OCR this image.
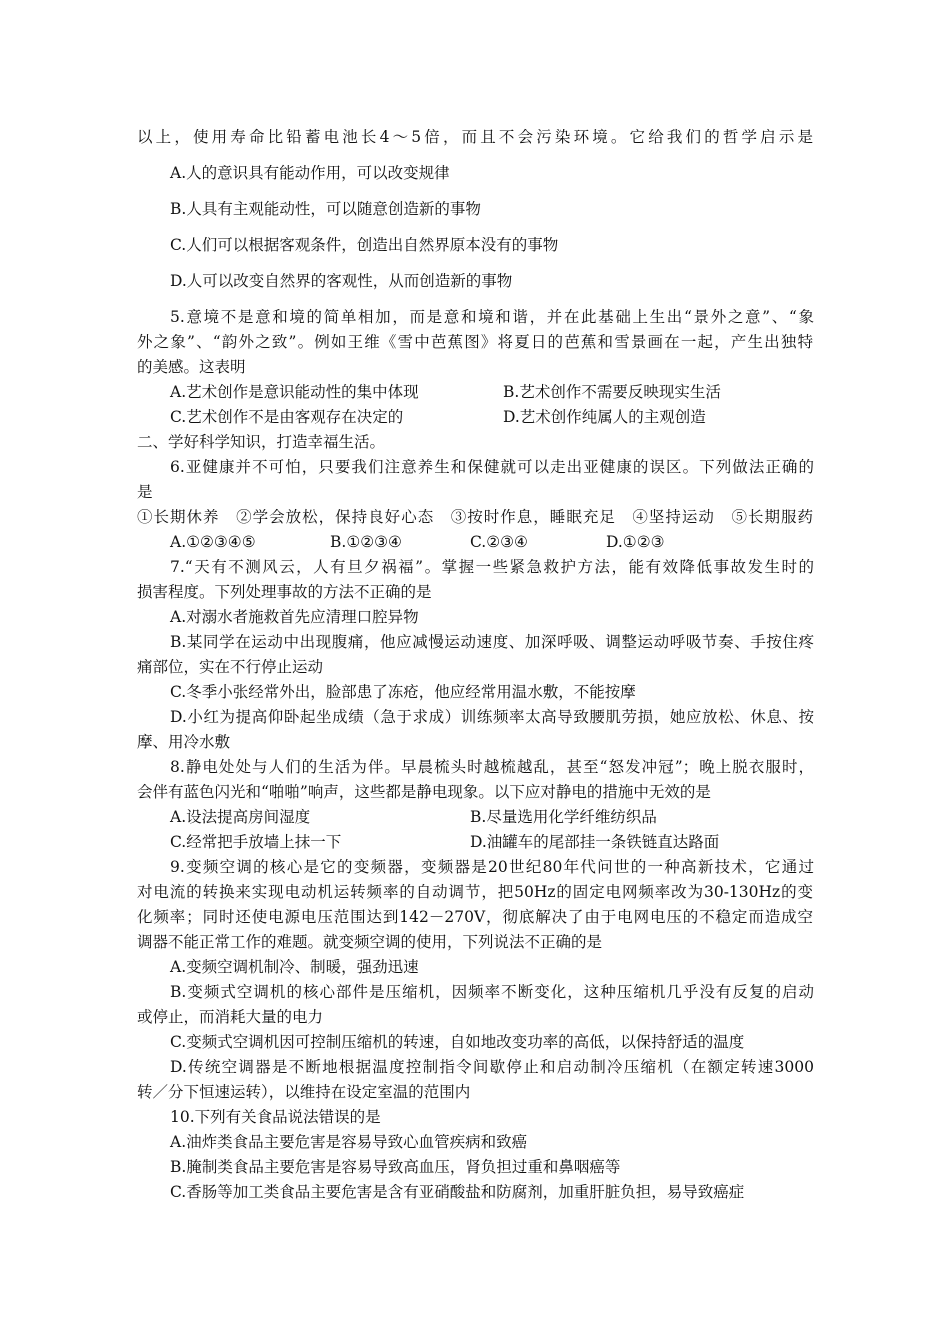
以上，使用寿命比铅蓄电池长4～5倍，而且不会污染环境。它给我们的哲学启示是
A.人的意识具有能动作用，可以改变规律
B.人具有主观能动性，可以随意创造新的事物
C.人们可以根据客观条件，创造出自然界原本没有的事物
D.人可以改变自然界的客观性，从而创造新的事物
5.意境不是意和境的简单相加，而是意和境和谐，并在此基础上生出“景外之意”、“象
外之象”、“韵外之致”。例如王维《雪中芭蕉图》将夏日的芭蕉和雪景画在一起，产生出独特
的美感。这表明
A.艺术创作是意识能动性的集中体现	B.艺术创作不需要反映现实生活
C.艺术创作不是由客观存在决定的	D.艺术创作纯属人的主观创造
二、学好科学知识，打造幸福生活。
6.亚健康并不可怕，只要我们注意养生和保健就可以走出亚健康的误区。下列做法正确的
是
①长期休养　②学会放松，保持良好心态　③按时作息，睡眠充足　④坚持运动　⑤长期服药
A.①②③④⑤	B.①②③④	C.②③④	D.①②③
7.“天有不测风云，人有旦夕祸福”。掌握一些紧急救护方法，能有效降低事故发生时的
损害程度。下列处理事故的方法不正确的是
A.对溺水者施救首先应清理口腔异物
B.某同学在运动中出现腹痛，他应减慢运动速度、加深呼吸、调整运动呼吸节奏、手按住疼
痛部位，实在不行停止运动
C.冬季小张经常外出，脸部患了冻疮，他应经常用温水敷，不能按摩
D.小红为提高仰卧起坐成绩（急于求成）训练频率太高导致腰肌劳损，她应放松、休息、按
摩、用冷水敷
8.静电处处与人们的生活为伴。早晨梳头时越梳越乱，甚至“怒发冲冠”；晚上脱衣服时，
会伴有蓝色闪光和“啪啪”响声，这些都是静电现象。以下应对静电的措施中无效的是
A.设法提高房间湿度	B.尽量选用化学纤维纺织品
C.经常把手放墙上抹一下	D.油罐车的尾部挂一条铁链直达路面
9.变频空调的核心是它的变频器，变频器是20世纪80年代问世的一种高新技术，它通过
对电流的转换来实现电动机运转频率的自动调节，把50Hz的固定电网频率改为30-130Hz的变
化频率；同时还使电源电压范围达到142－270V，彻底解决了由于电网电压的不稳定而造成空
调器不能正常工作的难题。就变频空调的使用，下列说法不正确的是
A.变频空调机制冷、制暖，强劲迅速
B.变频式空调机的核心部件是压缩机，因频率不断变化，这种压缩机几乎没有反复的启动
或停止，而消耗大量的电力
C.变频式空调机因可控制压缩机的转速，自如地改变功率的高低，以保持舒适的温度
D.传统空调器是不断地根据温度控制指令间歇停止和启动制冷压缩机（在额定转速3000
转／分下恒速运转），以维持在设定室温的范围内
10.下列有关食品说法错误的是
A.油炸类食品主要危害是容易导致心血管疾病和致癌
B.腌制类食品主要危害是容易导致高血压，肾负担过重和鼻咽癌等
C.香肠等加工类食品主要危害是含有亚硝酸盐和防腐剂，加重肝脏负担，易导致癌症
